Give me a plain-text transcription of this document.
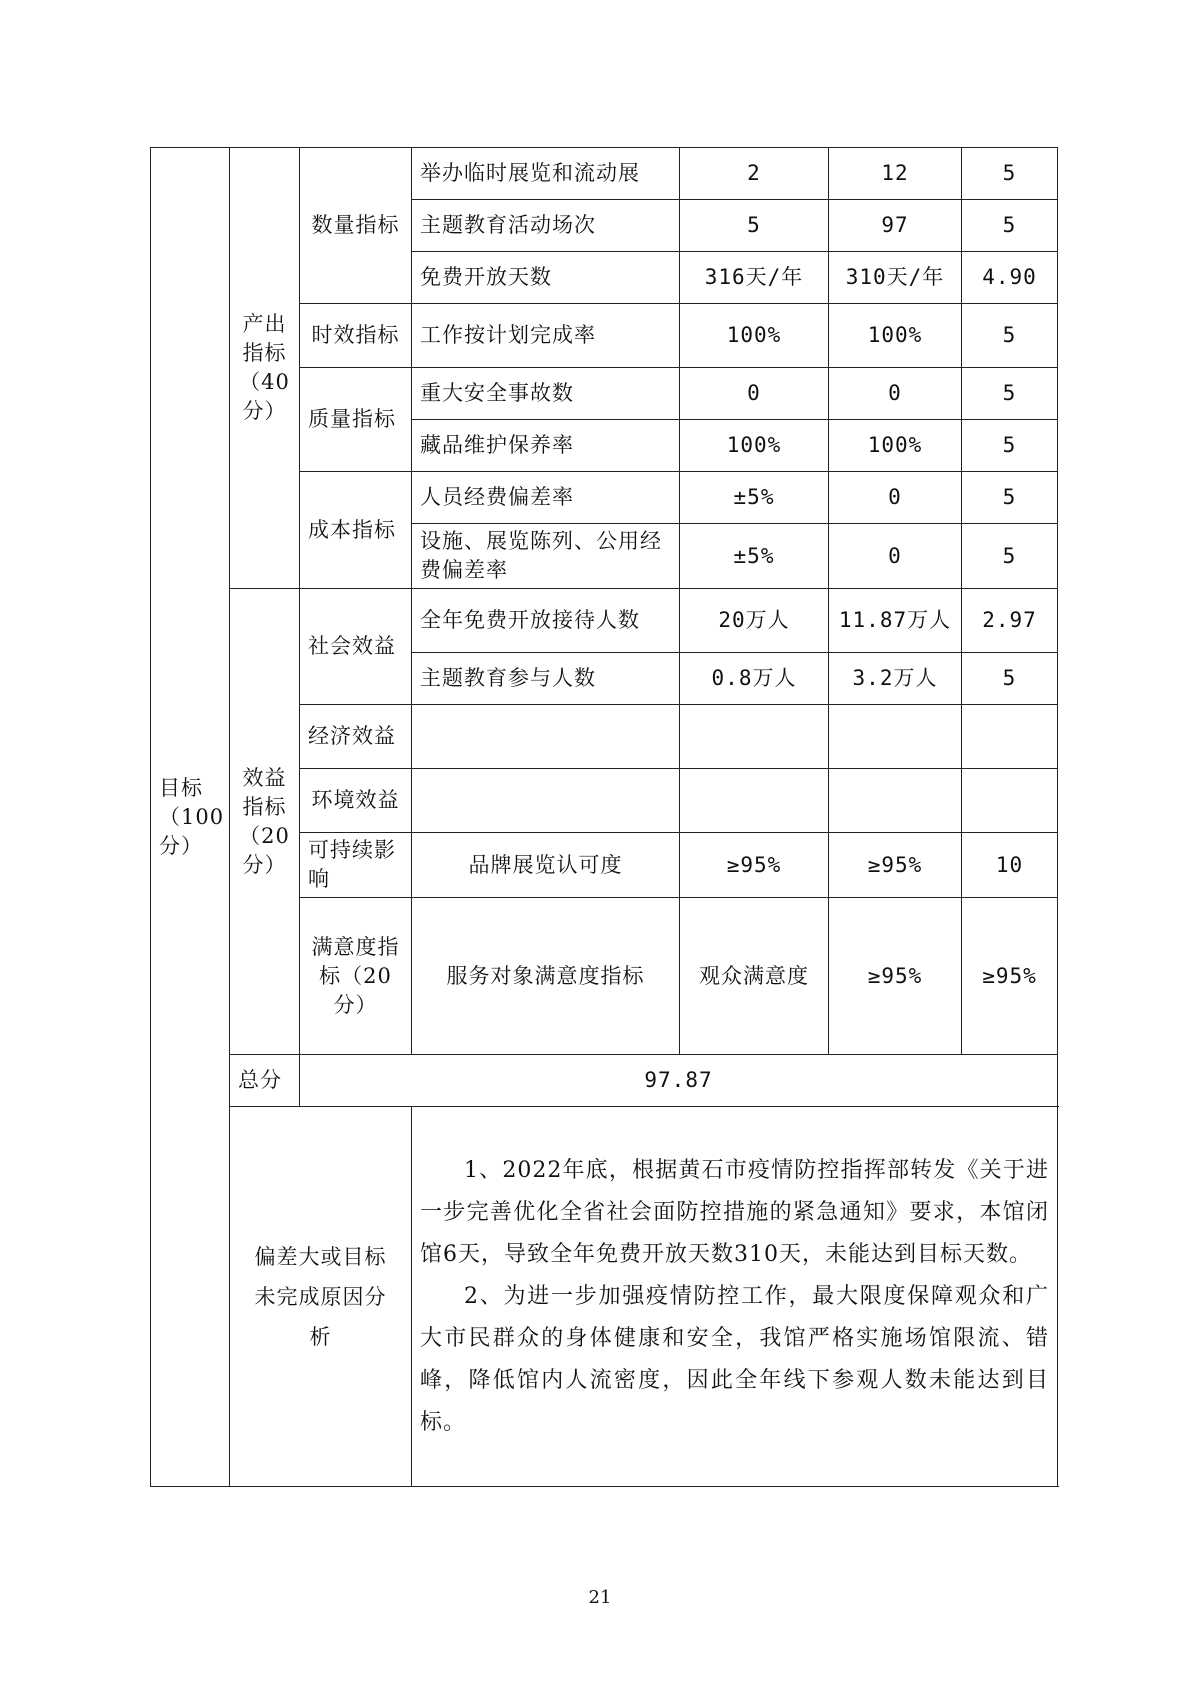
目标（100分）	产出指标（40分）	数量指标	举办临时展览和流动展	2	12	5	
			主题教育活动场次	5	97	5	
			免费开放天数	316天/年	310天/年	4.90	
		时效指标	工作按计划完成率	100%	100%	5	
		质量指标	重大安全事故数	0	0	5	
			藏品维护保养率	100%	100%	5	
		成本指标	人员经费偏差率	±5%	0	5	
			设施、展览陈列、公用经费偏差率	±5%	0	5	
	效益指标（20分）	社会效益	全年免费开放接待人数	20万人	11.87万人	2.97	
			主题教育参与人数	0.8万人	3.2万人	5	
		经济效益					
		环境效益					
		可持续影响	品牌展览认可度	≥95%	≥95%	10	
		满意度指标（20分）	服务对象满意度指标	观众满意度	≥95%	≥95%	
	总分	97.87					
	偏差大或目标未完成原因分析		1、2022年底，根据黄石市疫情防控指挥部转发《关于进一步完善优化全省社会面防控措施的紧急通知》要求，本馆闭馆6天，导致全年免费开放天数310天，未能达到目标天数。

2、为进一步加强疫情防控工作，最大限度保障观众和广大市民群众的身体健康和安全，我馆严格实施场馆限流、错峰，降低馆内人流密度，因此全年线下参观人数未能达到目标。				

21
